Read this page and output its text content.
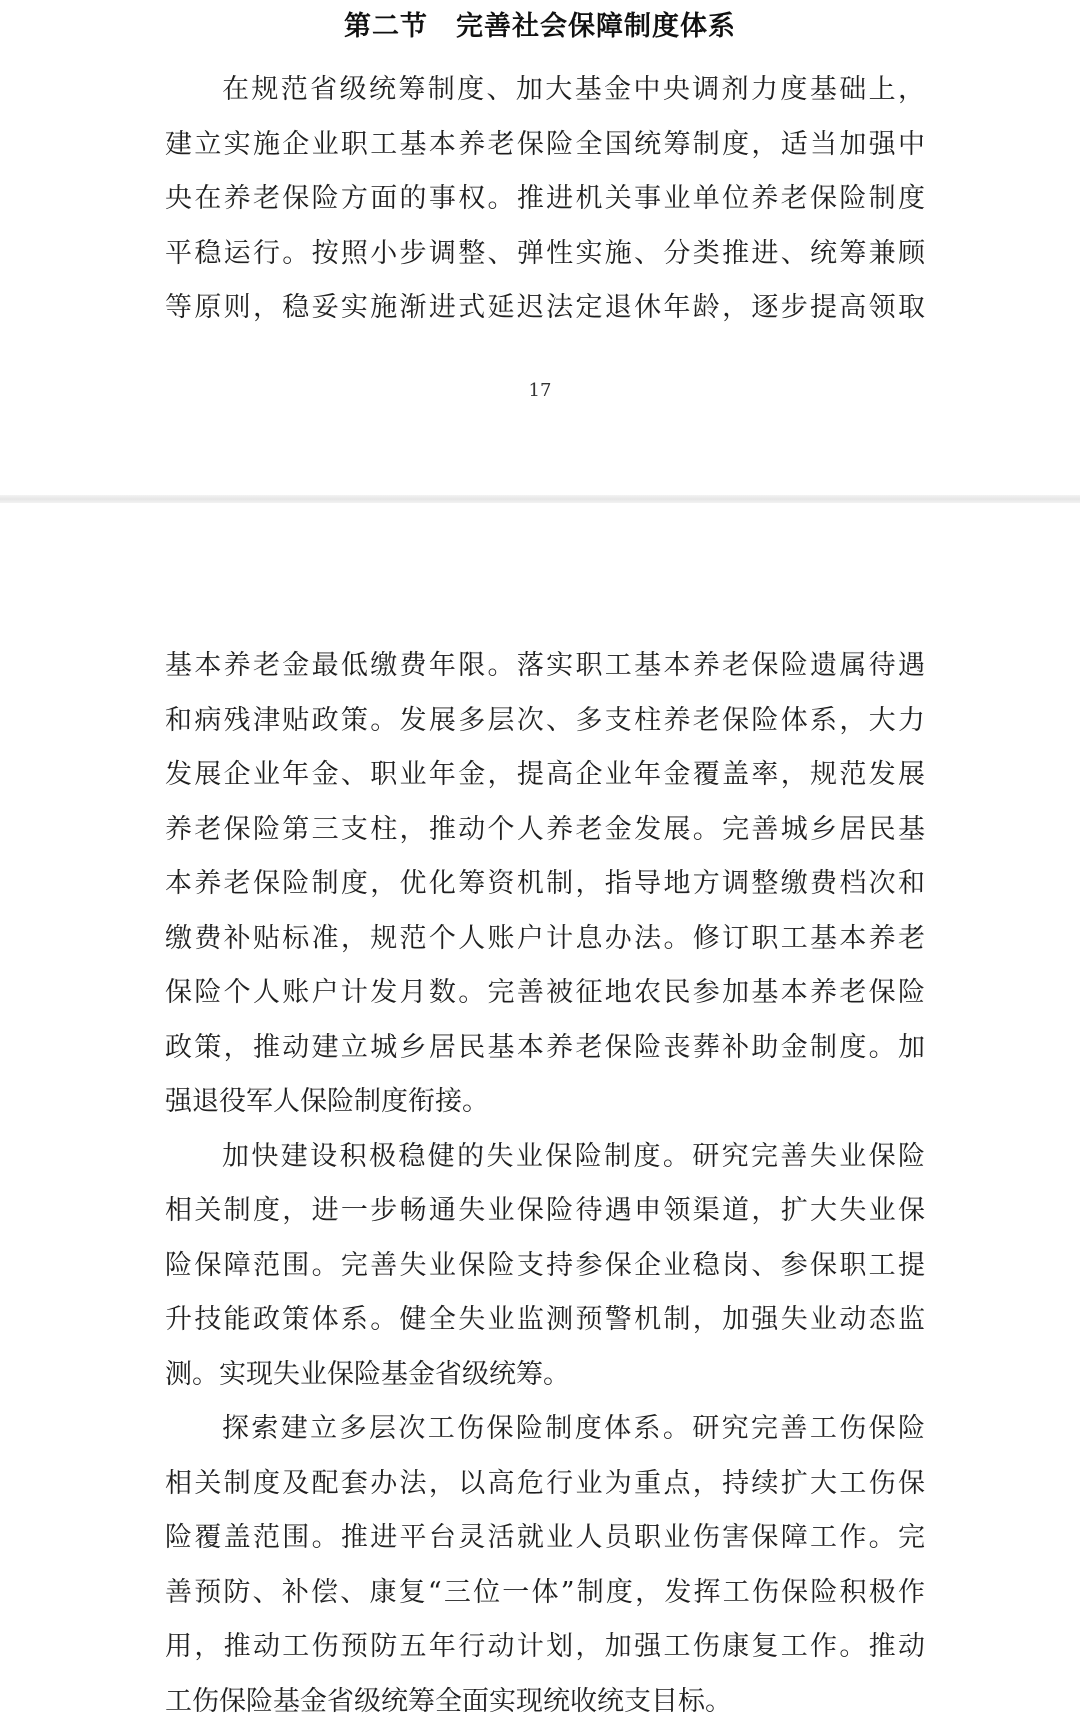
第二节 完善社会保障制度体系
在规范省级统筹制度、加大基金中央调剂力度基础上，
建立实施企业职工基本养老保险全国统筹制度，适当加强中
央在养老保险方面的事权。推进机关事业单位养老保险制度
平稳运行。按照小步调整、弹性实施、分类推进、统筹兼顾
等原则，稳妥实施渐进式延迟法定退休年龄，逐步提高领取
17
基本养老金最低缴费年限。落实职工基本养老保险遗属待遇
和病残津贴政策。发展多层次、多支柱养老保险体系，大力
发展企业年金、职业年金，提高企业年金覆盖率，规范发展
养老保险第三支柱，推动个人养老金发展。完善城乡居民基
本养老保险制度，优化筹资机制，指导地方调整缴费档次和
缴费补贴标准，规范个人账户计息办法。修订职工基本养老
保险个人账户计发月数。完善被征地农民参加基本养老保险
政策，推动建立城乡居民基本养老保险丧葬补助金制度。加
强退役军人保险制度衔接。
加快建设积极稳健的失业保险制度。研究完善失业保险
相关制度，进一步畅通失业保险待遇申领渠道，扩大失业保
险保障范围。完善失业保险支持参保企业稳岗、参保职工提
升技能政策体系。健全失业监测预警机制，加强失业动态监
测。实现失业保险基金省级统筹。
探索建立多层次工伤保险制度体系。研究完善工伤保险
相关制度及配套办法，以高危行业为重点，持续扩大工伤保
险覆盖范围。推进平台灵活就业人员职业伤害保障工作。完
善预防、补偿、康复“三位一体”制度，发挥工伤保险积极作
用，推动工伤预防五年行动计划，加强工伤康复工作。推动
工伤保险基金省级统筹全面实现统收统支目标。
